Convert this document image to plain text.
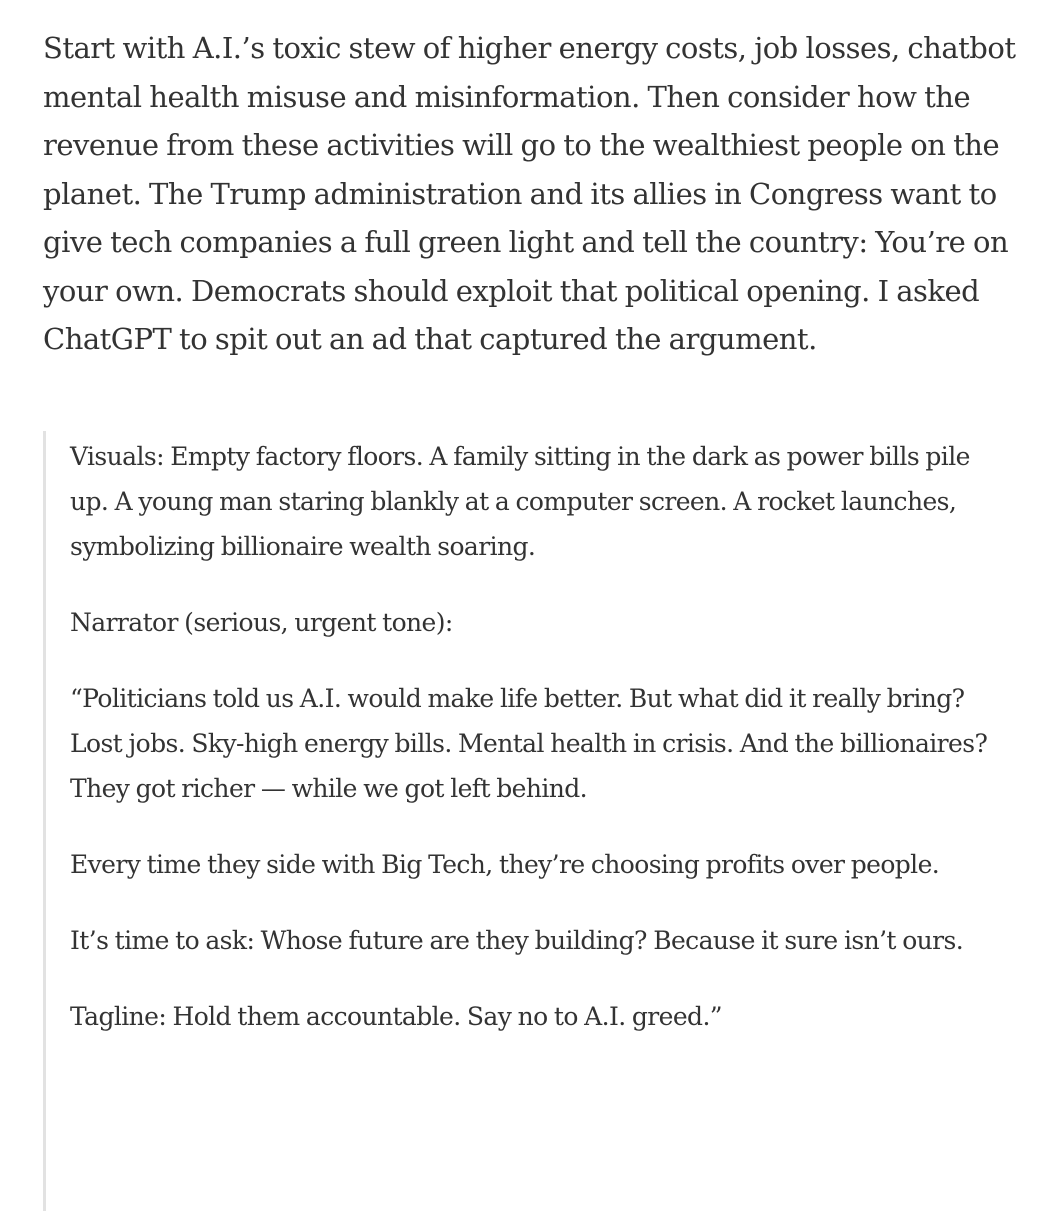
Start with A.I.’s toxic stew of higher energy costs, job losses, chatbot mental health misuse and misinformation. Then consider how the revenue from these activities will go to the wealthiest people on the planet. The Trump administration and its allies in Congress want to give tech companies a full green light and tell the country: You’re on your own. Democrats should exploit that political opening. I asked ChatGPT to spit out an ad that captured the argument.

Visuals: Empty factory floors. A family sitting in the dark as power bills pile up. A young man staring blankly at a computer screen. A rocket launches, symbolizing billionaire wealth soaring.

Narrator (serious, urgent tone):

“Politicians told us A.I. would make life better. But what did it really bring? Lost jobs. Sky-high energy bills. Mental health in crisis. And the billionaires? They got richer — while we got left behind.

Every time they side with Big Tech, they’re choosing profits over people.

It’s time to ask: Whose future are they building? Because it sure isn’t ours.

Tagline: Hold them accountable. Say no to A.I. greed.”
